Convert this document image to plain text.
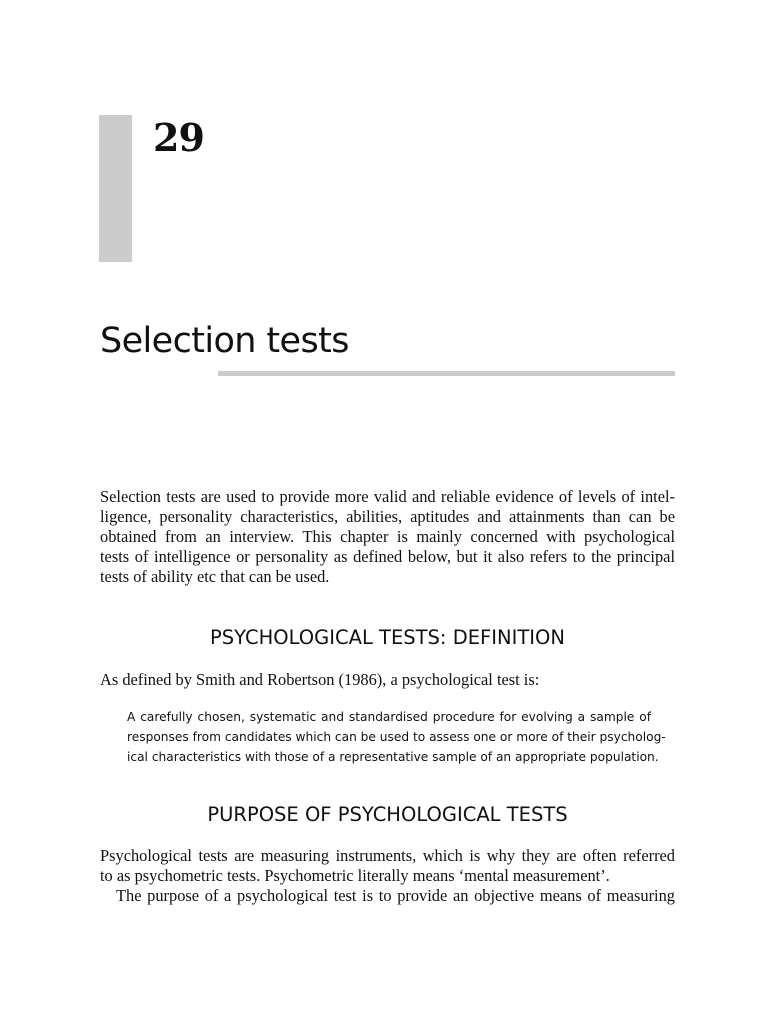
29
Selection tests

Selection tests are used to provide more valid and reliable evidence of levels of intel-
ligence, personality characteristics, abilities, aptitudes and attainments than can be
obtained from an interview. This chapter is mainly concerned with psychological
tests of intelligence or personality as defined below, but it also refers to the principal
tests of ability etc that can be used.

PSYCHOLOGICAL TESTS: DEFINITION

As defined by Smith and Robertson (1986), a psychological test is:

A carefully chosen, systematic and standardised procedure for evolving a sample of
responses from candidates which can be used to assess one or more of their psycholog-
ical characteristics with those of a representative sample of an appropriate population.
PURPOSE OF PSYCHOLOGICAL TESTS

Psychological tests are measuring instruments, which is why they are often referred
to as psychometric tests. Psychometric literally means ‘mental measurement’.
The purpose of a psychological test is to provide an objective means of measuring
